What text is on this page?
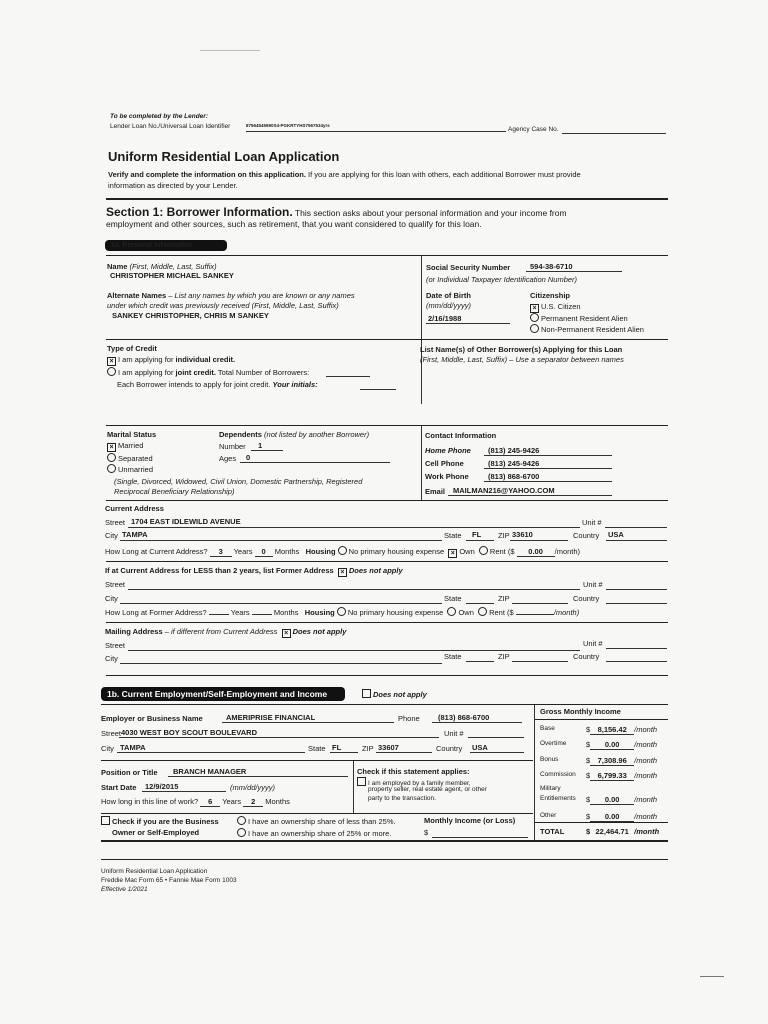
To be completed by the Lender:
Lender Loan No./Universal Loan Identifier	87564545690S4-PGKRTYHS7567534yrs
Agency Case No.
Uniform Residential Loan Application
Verify and complete the information on this application. If you are applying for this loan with others, each additional Borrower must provide
information as directed by your Lender.
Section 1: Borrower Information. This section asks about your personal information and your income from
employment and other sources, such as retirement, that you want considered to qualify for this loan.
1a. Personal Information
Name (First, Middle, Last, Suffix)
CHRISTOPHER MICHAEL SANKEY
Alternate Names – List any names by which you are known or any names
under which credit was previously received (First, Middle, Last, Suffix)
SANKEY CHRISTOPHER, CHRIS M SANKEY
Social Security Number	594-38-6710
(or Individual Taxpayer Identification Number)
Date of Birth
(mm/dd/yyyy)
2/16/1988
Citizenship
× U.S. Citizen
Permanent Resident Alien
Non-Permanent Resident Alien
Type of Credit
× I am applying for individual credit.
I am applying for joint credit. Total Number of Borrowers:
Each Borrower intends to apply for joint credit. Your initials:
List Name(s) of Other Borrower(s) Applying for this Loan
(First, Middle, Last, Suffix) – Use a separator between names
Marital Status
× Married
Separated
Unmarried
(Single, Divorced, Widowed, Civil Union, Domestic Partnership, Registered
Reciprocal Beneficiary Relationship)
Dependents (not listed by another Borrower)
Number 1
Ages 0
Contact Information
Home Phone (813) 245-9426
Cell Phone	(813) 245-9426
Work Phone	(813) 868-6700
Email MAILMAN216@YAHOO.COM
Current Address
Street 1704 EAST IDLEWILD AVENUE	Unit #
City TAMPA	State FL ZIP 33610	Country USA
How Long at Current Address? 3 Years 0 Months Housing No primary housing expense × Own Rent ($ 0.00 /month)
If at Current Address for LESS than 2 years, list Former Address × Does not apply
Street	Unit #
City	State	ZIP	Country
How Long at Former Address?	Years	Months Housing No primary housing expense Own Rent ($	/month)
Mailing Address – if different from Current Address × Does not apply
Street	Unit #
City	State	ZIP	Country
1b. Current Employment/Self-Employment and Income	Does not apply
Employer or Business Name	AMERIPRISE FINANCIAL	Phone (813) 868-6700
Street 4030 WEST BOY SCOUT BOULEVARD	Unit #
City TAMPA	State FL	ZIP 33607	Country USA
Position or Title BRANCH MANAGER
Start Date 12/9/2015	(mm/dd/yyyy)
How long in this line of work? 6 Years 2 Months
Check if this statement applies:
I am employed by a family member,
property seller, real estate agent, or other
party to the transaction.
Check if you are the Business
Owner or Self-Employed
I have an ownership share of less than 25%.
I have an ownership share of 25% or more.
Monthly Income (or Loss)
$
Gross Monthly Income
Base	$ 8,156.42 /month
Overtime	$ 0.00 /month
Bonus	$ 7,308.96 /month
Commission $ 6,799.33 /month
Military
Entitlements $ 0.00 /month
Other	$ 0.00 /month
TOTAL	$ 22,464.71 /month
Uniform Residential Loan Application
Freddie Mac Form 65 • Fannie Mae Form 1003
Effective 1/2021
